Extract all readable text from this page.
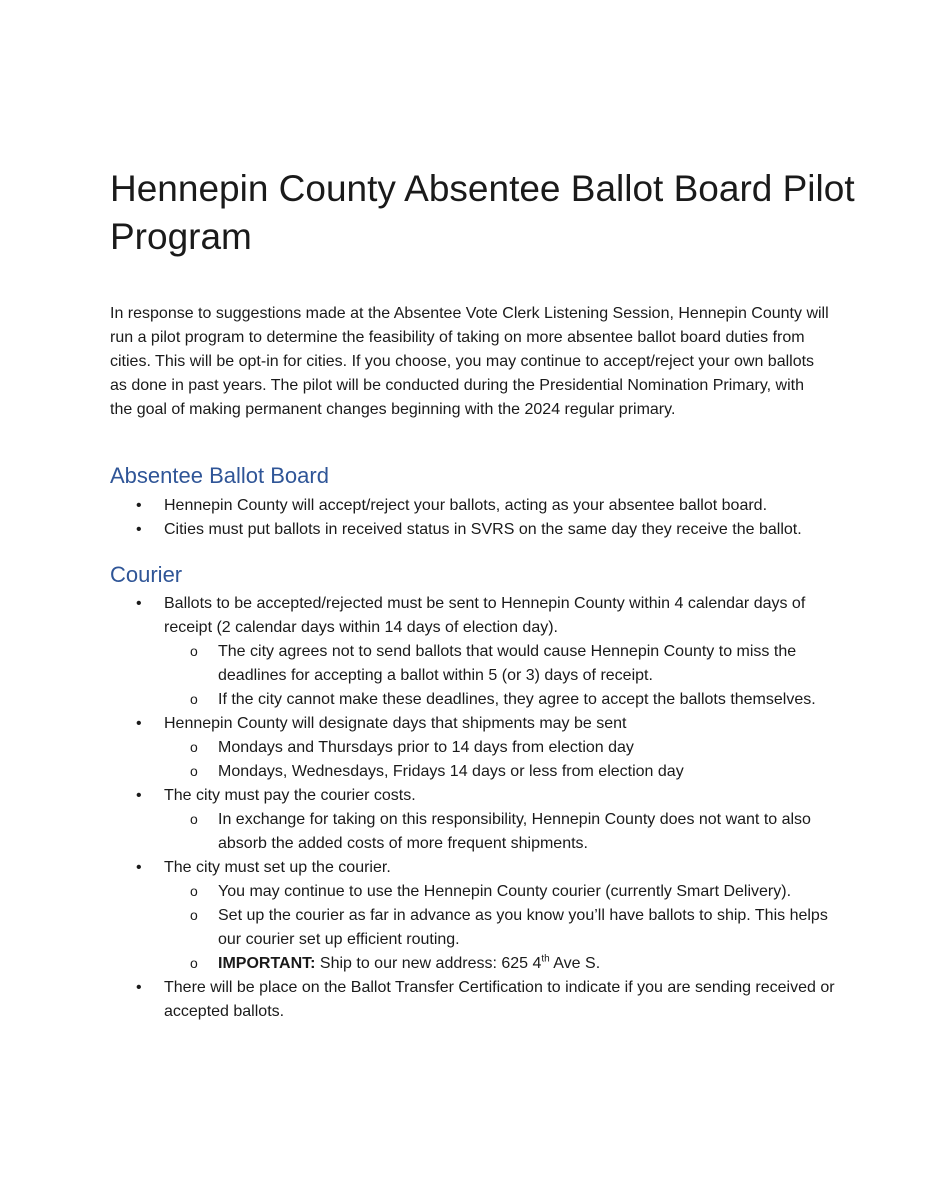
Hennepin County Absentee Ballot Board Pilot Program

In response to suggestions made at the Absentee Vote Clerk Listening Session, Hennepin County will run a pilot program to determine the feasibility of taking on more absentee ballot board duties from cities. This will be opt-in for cities. If you choose, you may continue to accept/reject your own ballots as done in past years. The pilot will be conducted during the Presidential Nomination Primary, with the goal of making permanent changes beginning with the 2024 regular primary.

Absentee Ballot Board
• Hennepin County will accept/reject your ballots, acting as your absentee ballot board.
• Cities must put ballots in received status in SVRS on the same day they receive the ballot.
Courier
• Ballots to be accepted/rejected must be sent to Hennepin County within 4 calendar days of receipt (2 calendar days within 14 days of election day).
o The city agrees not to send ballots that would cause Hennepin County to miss the deadlines for accepting a ballot within 5 (or 3) days of receipt.
o If the city cannot make these deadlines, they agree to accept the ballots themselves.
• Hennepin County will designate days that shipments may be sent
o Mondays and Thursdays prior to 14 days from election day
o Mondays, Wednesdays, Fridays 14 days or less from election day
• The city must pay the courier costs.
o In exchange for taking on this responsibility, Hennepin County does not want to also absorb the added costs of more frequent shipments.
• The city must set up the courier.
o You may continue to use the Hennepin County courier (currently Smart Delivery).
o Set up the courier as far in advance as you know you’ll have ballots to ship. This helps our courier set up efficient routing.
o IMPORTANT: Ship to our new address: 625 4th Ave S.
• There will be place on the Ballot Transfer Certification to indicate if you are sending received or accepted ballots.
